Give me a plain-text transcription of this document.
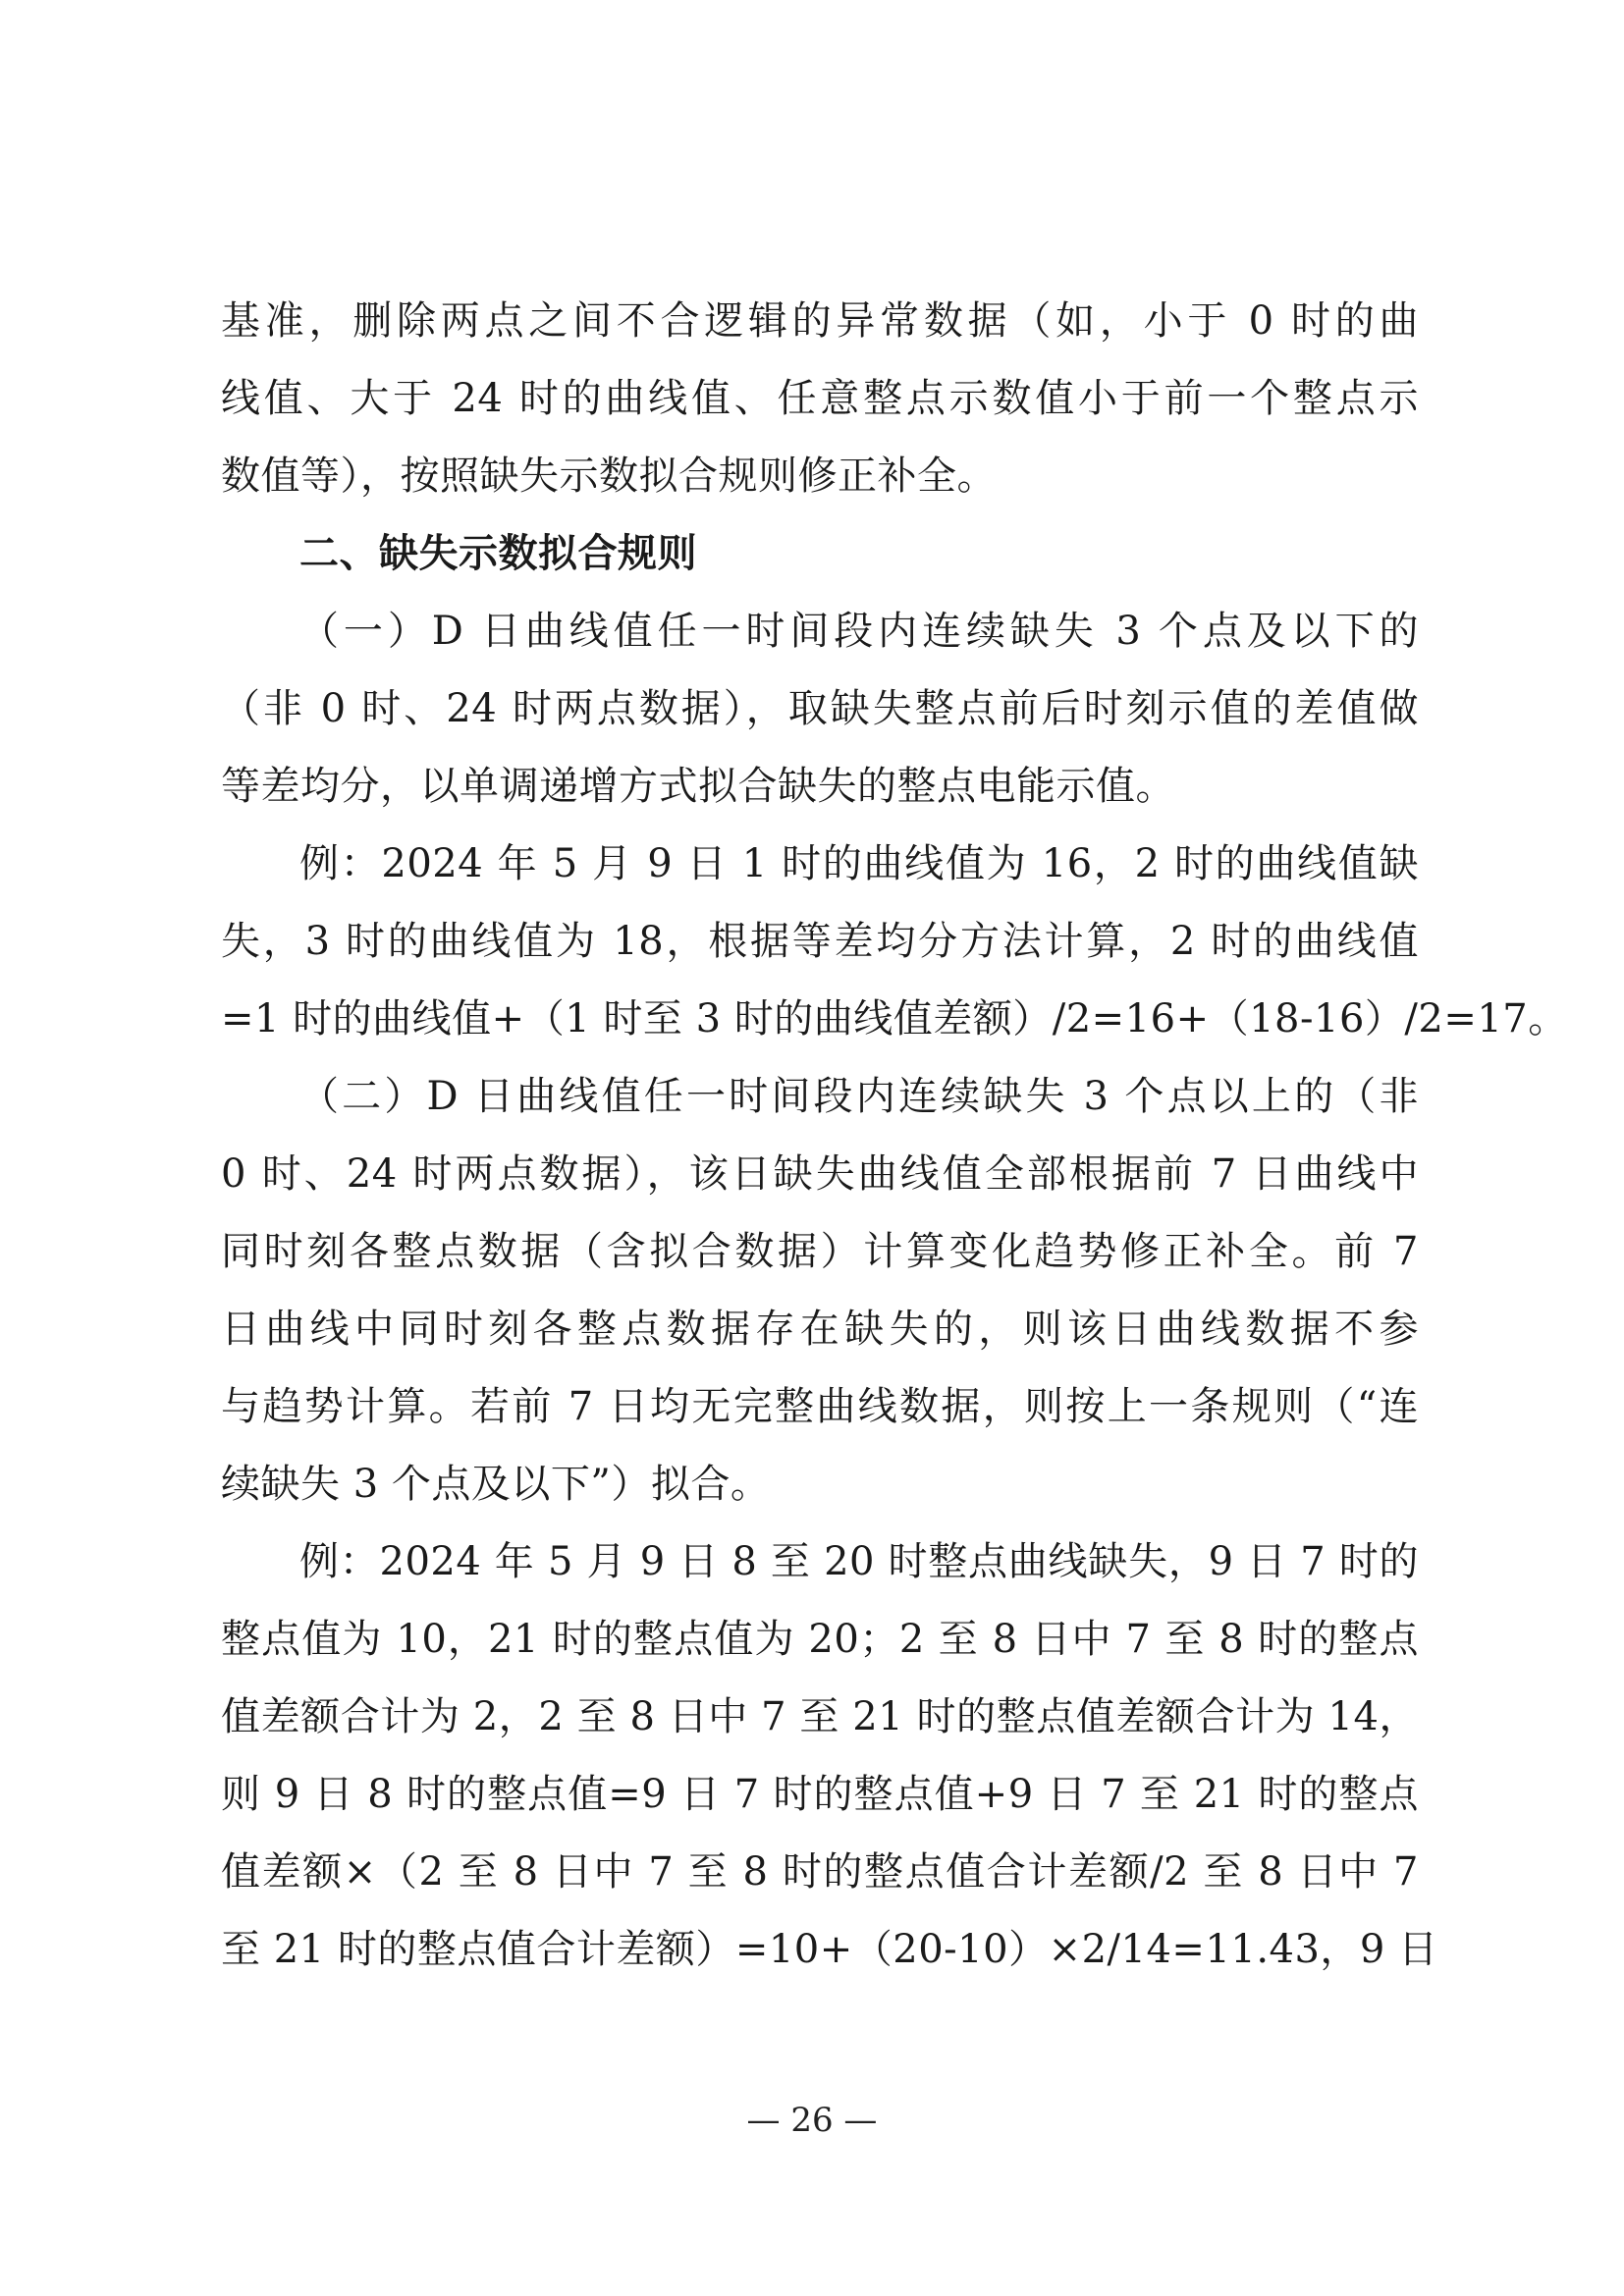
基准，删除两点之间不合逻辑的异常数据（如，小于 0 时的曲
线值、大于 24 时的曲线值、任意整点示数值小于前一个整点示
数值等），按照缺失示数拟合规则修正补全。
二、缺失示数拟合规则
（一）D 日曲线值任一时间段内连续缺失 3 个点及以下的
（非 0 时、24 时两点数据），取缺失整点前后时刻示值的差值做
等差均分，以单调递增方式拟合缺失的整点电能示值。
例：2024 年 5 月 9 日 1 时的曲线值为 16，2 时的曲线值缺
失，3 时的曲线值为 18，根据等差均分方法计算，2 时的曲线值
=1 时的曲线值+（1 时至 3 时的曲线值差额）/2=16+（18-16）/2=17。
（二）D 日曲线值任一时间段内连续缺失 3 个点以上的（非
0 时、24 时两点数据），该日缺失曲线值全部根据前 7 日曲线中
同时刻各整点数据（含拟合数据）计算变化趋势修正补全。前 7
日曲线中同时刻各整点数据存在缺失的，则该日曲线数据不参
与趋势计算。若前 7 日均无完整曲线数据，则按上一条规则（“连
续缺失 3 个点及以下”）拟合。
例：2024 年 5 月 9 日 8 至 20 时整点曲线缺失，9 日 7 时的
整点值为 10，21 时的整点值为 20；2 至 8 日中 7 至 8 时的整点
值差额合计为 2，2 至 8 日中 7 至 21 时的整点值差额合计为 14，
则 9 日 8 时的整点值=9 日 7 时的整点值+9 日 7 至 21 时的整点
值差额×（2 至 8 日中 7 至 8 时的整点值合计差额/2 至 8 日中 7
至 21 时的整点值合计差额）=10+（20-10）×2/14=11.43，9 日
— 26 —
